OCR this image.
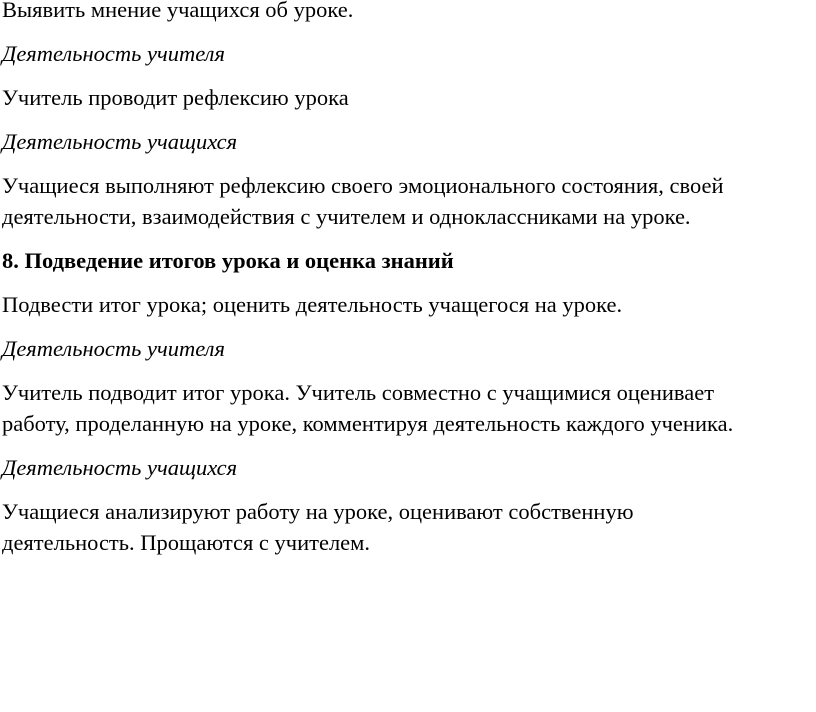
Выявить мнение учащихся об уроке.

Деятельность учителя

Учитель проводит рефлексию урока

Деятельность учащихся

Учащиеся выполняют рефлексию своего эмоционального состояния, своей
деятельности, взаимодействия с учителем и одноклассниками на уроке.

8. Подведение итогов урока и оценка знаний

Подвести итог урока; оценить деятельность учащегося на уроке.

Деятельность учителя

Учитель подводит итог урока. Учитель совместно с учащимися оценивает
работу, проделанную на уроке, комментируя деятельность каждого ученика.

Деятельность учащихся

Учащиеся анализируют работу на уроке, оценивают собственную
деятельность. Прощаются с учителем.
